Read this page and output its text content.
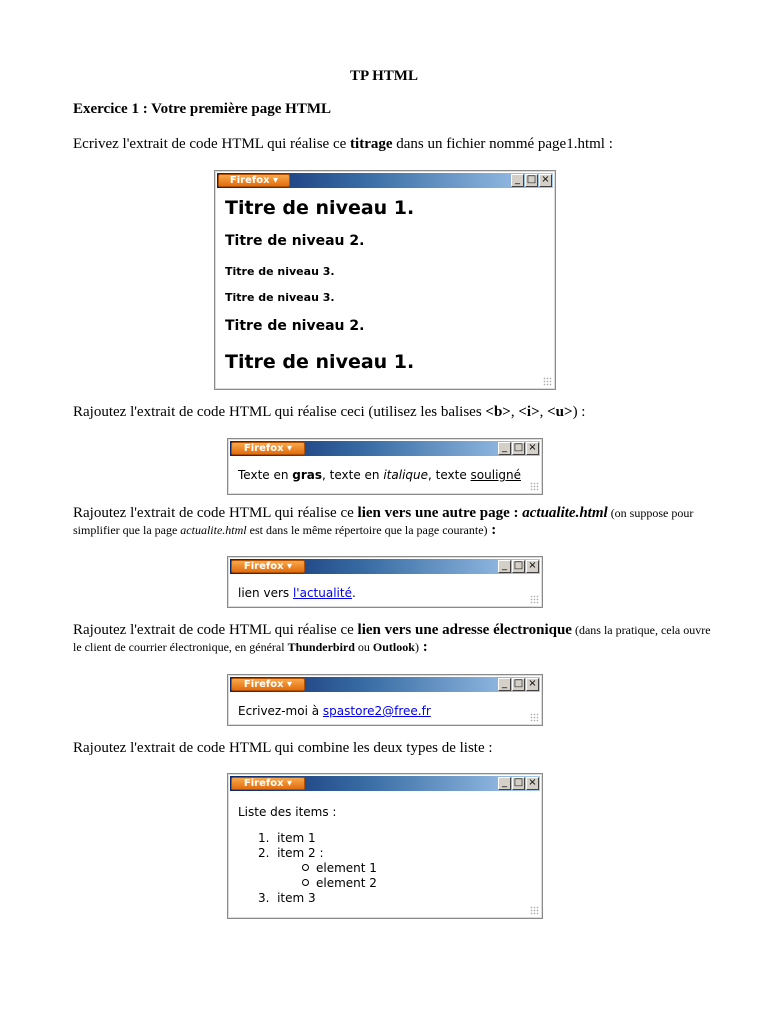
TP HTML
Exercice 1 : Votre première page HTML
Ecrivez l'extrait de code HTML qui réalise ce titrage dans un fichier nommé page1.html :
Firefox ▾	_ □ ×
Titre de niveau 1.
Titre de niveau 2.
Titre de niveau 3.
Titre de niveau 3.
Titre de niveau 2.
Titre de niveau 1.
Rajoutez l'extrait de code HTML qui réalise ceci (utilisez les balises <b>, <i>, <u>) :
Firefox ▾	_ □ ×
Texte en gras, texte en italique, texte souligné
Rajoutez l'extrait de code HTML qui réalise ce lien vers une autre page : actualite.html (on suppose pour simplifier que la page actualite.html est dans le même répertoire que la page courante) :
Firefox ▾	_ □ ×
lien vers l'actualité.
Rajoutez l'extrait de code HTML qui réalise ce lien vers une adresse électronique (dans la pratique, cela ouvre le client de courrier électronique, en général Thunderbird ou Outlook) :
Firefox ▾	_ □ ×
Ecrivez-moi à spastore2@free.fr
Rajoutez l'extrait de code HTML qui combine les deux types de liste :
Firefox ▾	_ □ ×
Liste des items :
1. item 1
2. item 2 :
element 1
element 2
3. item 3
